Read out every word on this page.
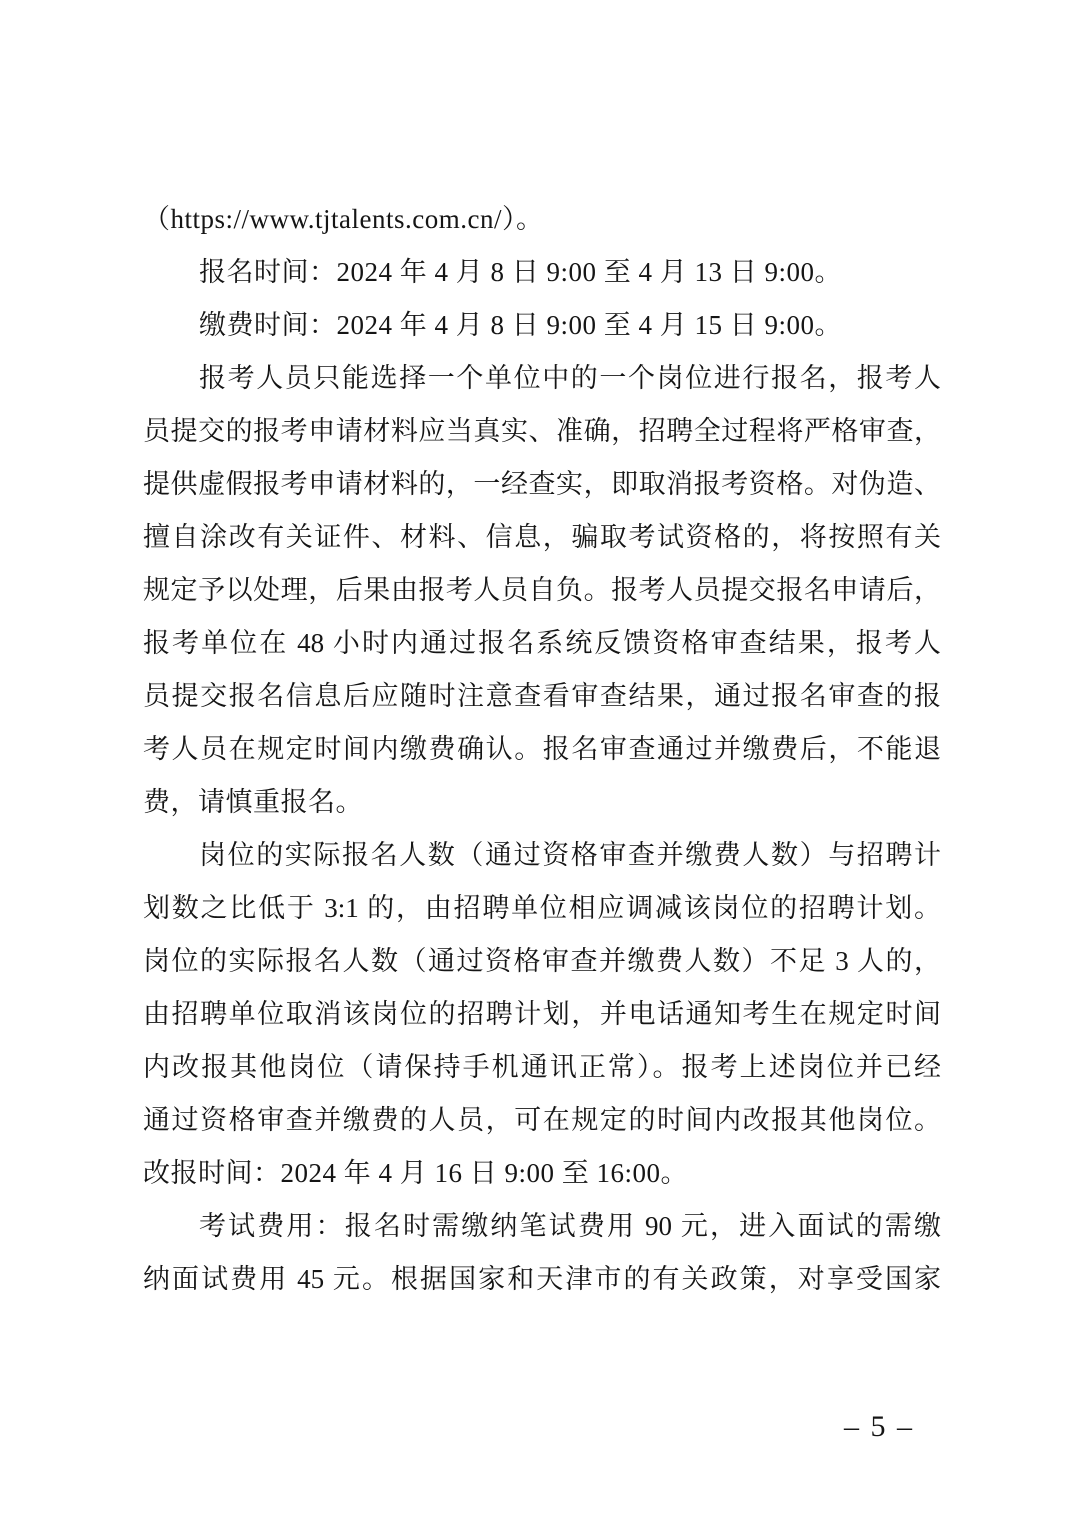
（https://www.tjtalents.com.cn/）。
报名时间：2024 年 4 月 8 日 9:00 至 4 月 13 日 9:00。
缴费时间：2024 年 4 月 8 日 9:00 至 4 月 15 日 9:00。
报考人员只能选择一个单位中的一个岗位进行报名，报考人
员提交的报考申请材料应当真实、准确，招聘全过程将严格审查，
提供虚假报考申请材料的，一经查实，即取消报考资格。对伪造、
擅自涂改有关证件、材料、信息，骗取考试资格的，将按照有关
规定予以处理，后果由报考人员自负。报考人员提交报名申请后，
报考单位在 48 小时内通过报名系统反馈资格审查结果，报考人
员提交报名信息后应随时注意查看审查结果，通过报名审查的报
考人员在规定时间内缴费确认。报名审查通过并缴费后，不能退
费，请慎重报名。
岗位的实际报名人数（通过资格审查并缴费人数）与招聘计
划数之比低于 3:1 的，由招聘单位相应调减该岗位的招聘计划。
岗位的实际报名人数（通过资格审查并缴费人数）不足 3 人的，
由招聘单位取消该岗位的招聘计划，并电话通知考生在规定时间
内改报其他岗位（请保持手机通讯正常）。报考上述岗位并已经
通过资格审查并缴费的人员，可在规定的时间内改报其他岗位。
改报时间：2024 年 4 月 16 日 9:00 至 16:00。
考试费用：报名时需缴纳笔试费用 90 元，进入面试的需缴
纳面试费用 45 元。根据国家和天津市的有关政策，对享受国家
– 5 –
